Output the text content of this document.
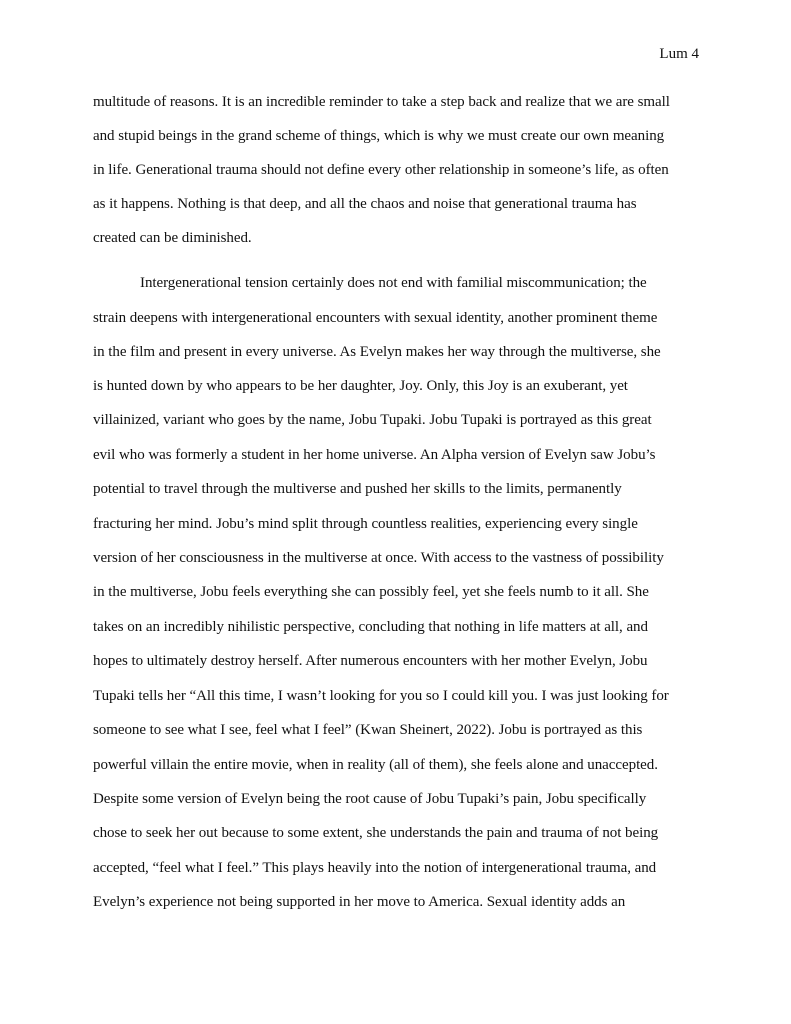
Lum 4
multitude of reasons. It is an incredible reminder to take a step back and realize that we are small
and stupid beings in the grand scheme of things, which is why we must create our own meaning
in life. Generational trauma should not define every other relationship in someone’s life, as often
as it happens. Nothing is that deep, and all the chaos and noise that generational trauma has
created can be diminished.
Intergenerational tension certainly does not end with familial miscommunication; the
strain deepens with intergenerational encounters with sexual identity, another prominent theme
in the film and present in every universe. As Evelyn makes her way through the multiverse, she
is hunted down by who appears to be her daughter, Joy. Only, this Joy is an exuberant, yet
villainized, variant who goes by the name, Jobu Tupaki. Jobu Tupaki is portrayed as this great
evil who was formerly a student in her home universe. An Alpha version of Evelyn saw Jobu’s
potential to travel through the multiverse and pushed her skills to the limits, permanently
fracturing her mind. Jobu’s mind split through countless realities, experiencing every single
version of her consciousness in the multiverse at once. With access to the vastness of possibility
in the multiverse, Jobu feels everything she can possibly feel, yet she feels numb to it all. She
takes on an incredibly nihilistic perspective, concluding that nothing in life matters at all, and
hopes to ultimately destroy herself. After numerous encounters with her mother Evelyn, Jobu
Tupaki tells her “All this time, I wasn’t looking for you so I could kill you. I was just looking for
someone to see what I see, feel what I feel” (Kwan Sheinert, 2022). Jobu is portrayed as this
powerful villain the entire movie, when in reality (all of them), she feels alone and unaccepted.
Despite some version of Evelyn being the root cause of Jobu Tupaki’s pain, Jobu specifically
chose to seek her out because to some extent, she understands the pain and trauma of not being
accepted, “feel what I feel.” This plays heavily into the notion of intergenerational trauma, and
Evelyn’s experience not being supported in her move to America. Sexual identity adds an
